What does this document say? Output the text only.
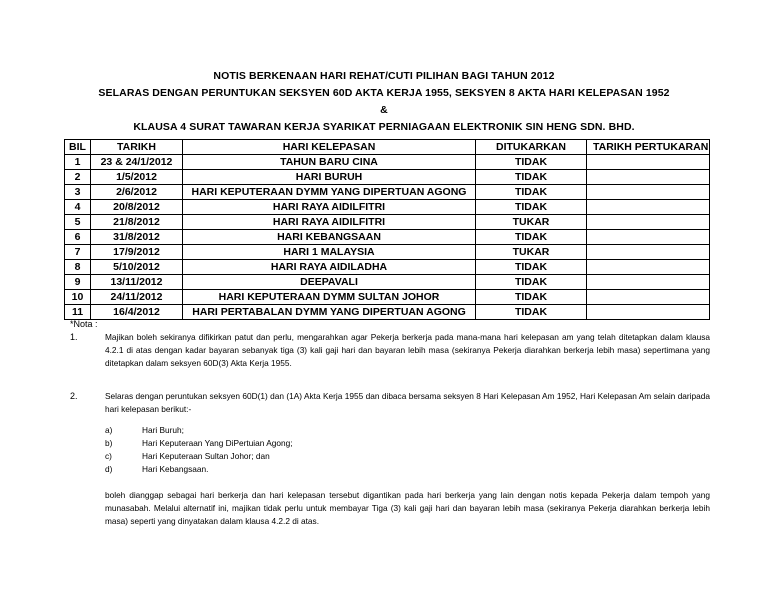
NOTIS BERKENAAN HARI REHAT/CUTI PILIHAN BAGI TAHUN 2012
SELARAS DENGAN PERUNTUKAN SEKSYEN 60D AKTA KERJA 1955, SEKSYEN 8 AKTA HARI KELEPASAN 1952
&
KLAUSA 4 SURAT TAWARAN KERJA SYARIKAT PERNIAGAAN ELEKTRONIK SIN HENG SDN. BHD.
BIL	TARIKH	HARI KELEPASAN	DITUKARKAN	TARIKH PERTUKARAN
1	23 & 24/1/2012	TAHUN BARU CINA	TIDAK	
2	1/5/2012	HARI BURUH	TIDAK	
3	2/6/2012	HARI KEPUTERAAN DYMM YANG DIPERTUAN AGONG	TIDAK	
4	20/8/2012	HARI RAYA AIDILFITRI	TIDAK	
5	21/8/2012	HARI RAYA AIDILFITRI	TUKAR	
6	31/8/2012	HARI KEBANGSAAN	TIDAK	
7	17/9/2012	HARI 1 MALAYSIA	TUKAR	
8	5/10/2012	HARI RAYA AIDILADHA	TIDAK	
9	13/11/2012	DEEPAVALI	TIDAK	
10	24/11/2012	HARI KEPUTERAAN DYMM SULTAN JOHOR	TIDAK	
11	16/4/2012	HARI PERTABALAN DYMM YANG DIPERTUAN AGONG	TIDAK	
*Nota :
1.	Majikan boleh sekiranya difikirkan patut dan perlu, mengarahkan agar Pekerja berkerja pada mana-mana hari kelepasan am yang telah ditetapkan dalam klausa 4.2.1 di atas dengan kadar bayaran sebanyak tiga (3) kali gaji hari dan bayaran lebih masa (sekiranya Pekerja diarahkan berkerja lebih masa) sepertimana yang ditetapkan dalam seksyen 60D(3) Akta Kerja 1955.
2.	Selaras dengan peruntukan seksyen 60D(1) dan (1A) Akta Kerja 1955 dan dibaca bersama seksyen 8 Hari Kelepasan Am 1952, Hari Kelepasan Am selain daripada hari kelepasan berikut:-
a)	Hari Buruh;
b)	Hari Keputeraan Yang DiPertuian Agong;
c)	Hari Keputeraan Sultan Johor; dan
d)	Hari Kebangsaan.
boleh dianggap sebagai hari berkerja dan hari kelepasan tersebut digantikan pada hari berkerja yang lain dengan notis kepada Pekerja dalam tempoh yang munasabah. Melalui alternatif ini, majikan tidak perlu untuk membayar Tiga (3) kali gaji hari dan bayaran lebih masa (sekiranya Pekerja diarahkan berkerja lebih masa) seperti yang dinyatakan dalam klausa 4.2.2 di atas.
